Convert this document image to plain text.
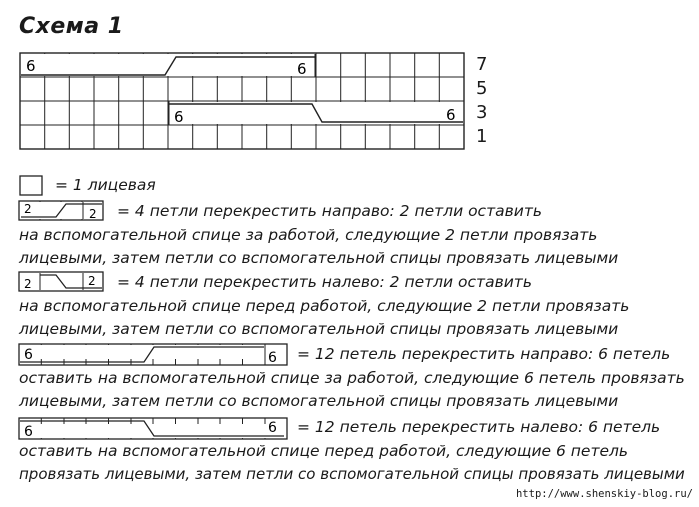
Схема 1
6	6
6	6
7
5
3
1
2	2
2	2
6	6
6	6
= 1 лицевая
= 4 петли перекрестить направо: 2 петли оставить
на вспомогательной спице за работой, следующие 2 петли провязать
лицевыми, затем петли со вспомогательной спицы провязать лицевыми
= 4 петли перекрестить налево: 2 петли оставить
на вспомогательной спице перед работой, следующие 2 петли провязать
лицевыми, затем петли со вспомогательной спицы провязать лицевыми
= 12 петель перекрестить направо: 6 петель
оставить на вспомогательной спице за работой, следующие 6 петель провязать
лицевыми, затем петли со вспомогательной спицы провязать лицевыми
= 12 петель перекрестить налево: 6 петель
оставить на вспомогательной спице перед работой, следующие 6 петель
провязать лицевыми, затем петли со вспомогательной спицы провязать лицевыми
http://www.shenskiy-blog.ru/
